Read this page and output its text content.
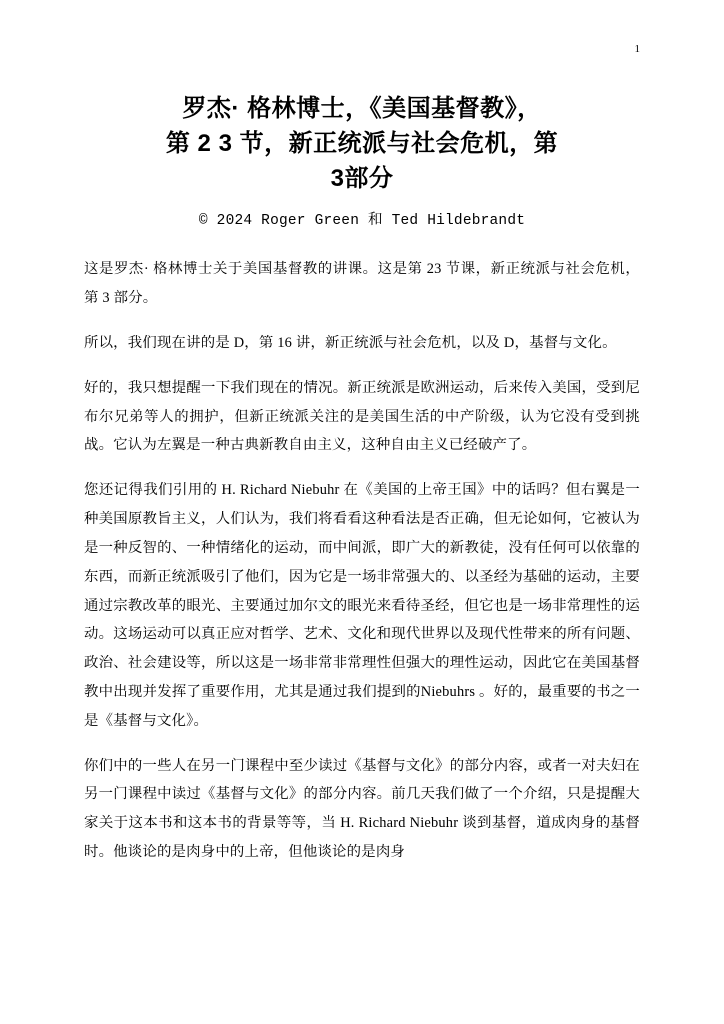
1
罗杰· 格林博士，《美国基督教》，
第 2 3 节，新正统派与社会危机，第
3部分
© 2024 Roger Green 和 Ted Hildebrandt

这是罗杰· 格林博士关于美国基督教的讲课。这是第 23 节课，新正统派与社会危机，第 3 部分。

所以，我们现在讲的是 D，第 16 讲，新正统派与社会危机，以及 D，基督与文化。

好的，我只想提醒一下我们现在的情况。新正统派是欧洲运动，后来传入美国，受到尼布尔兄弟等人的拥护，但新正统派关注的是美国生活的中产阶级，认为它没有受到挑战。它认为左翼是一种古典新教自由主义，这种自由主义已经破产了。

您还记得我们引用的 H. Richard Niebuhr 在《美国的上帝王国》中的话吗？但右翼是一种美国原教旨主义，人们认为，我们将看看这种看法是否正确，但无论如何，它被认为是一种反智的、一种情绪化的运动，而中间派，即广大的新教徒，没有任何可以依靠的东西，而新正统派吸引了他们，因为它是一场非常强大的、以圣经为基础的运动，主要通过宗教改革的眼光、主要通过加尔文的眼光来看待圣经，但它也是一场非常理性的运动。这场运动可以真正应对哲学、艺术、文化和现代世界以及现代性带来的所有问题、政治、社会建设等，所以这是一场非常非常理性但强大的理性运动，因此它在美国基督教中出现并发挥了重要作用，尤其是通过我们提到的Niebuhrs 。好的，最重要的书之一是《基督与文化》。

你们中的一些人在另一门课程中至少读过《基督与文化》的部分内容，或者一对夫妇在另一门课程中读过《基督与文化》的部分内容。前几天我们做了一个介绍，只是提醒大家关于这本书和这本书的背景等等，当 H. Richard Niebuhr 谈到基督，道成肉身的基督时。他谈论的是肉身中的上帝，但他谈论的是肉身
